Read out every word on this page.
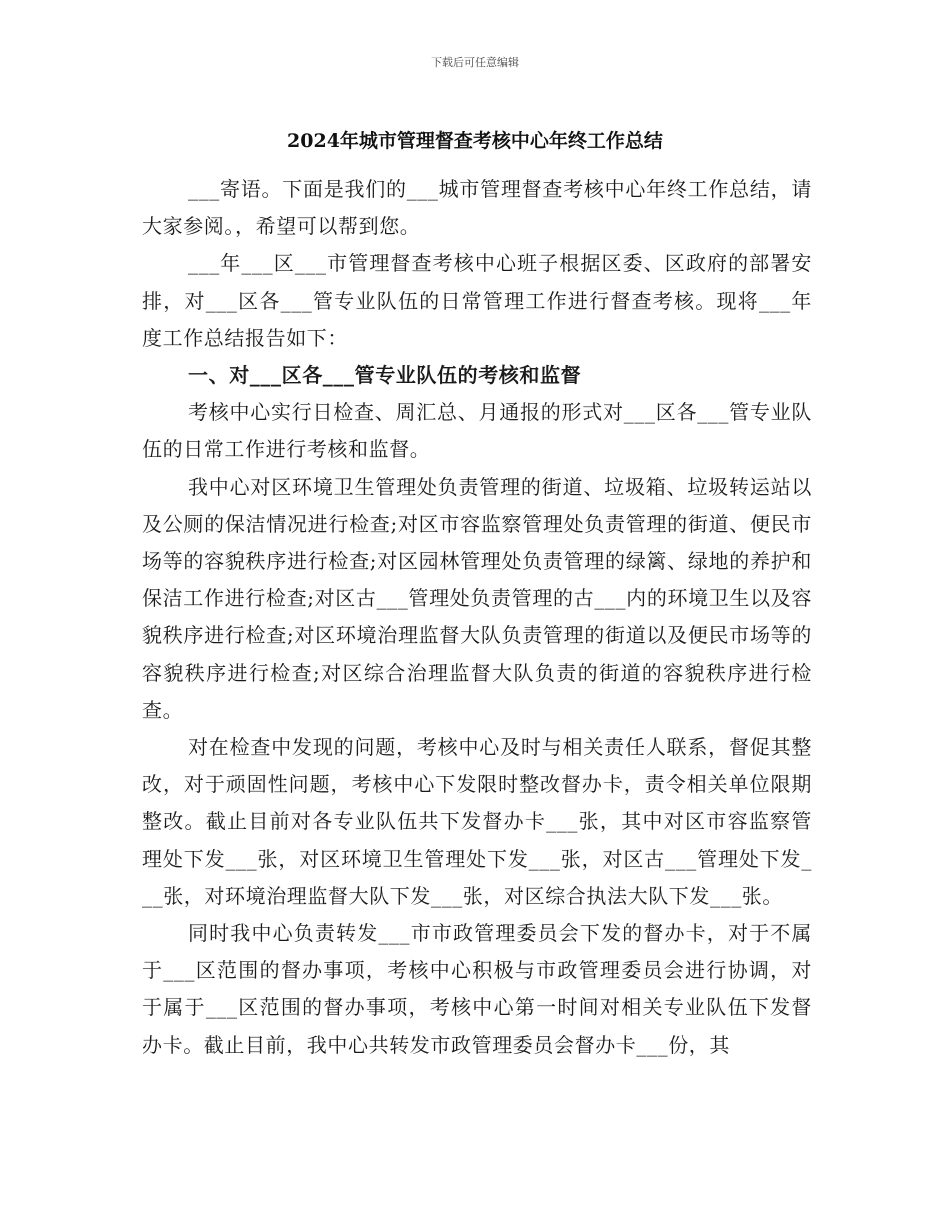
下载后可任意编辑
2024年城市管理督查考核中心年终工作总结

___寄语。下面是我们的___城市管理督查考核中心年终工作总结，请大家参阅。，希望可以帮到您。

___年___区___市管理督查考核中心班子根据区委、区政府的部署安排，对___区各___管专业队伍的日常管理工作进行督查考核。现将___年度工作总结报告如下：

一、对___区各___管专业队伍的考核和监督

考核中心实行日检查、周汇总、月通报的形式对___区各___管专业队伍的日常工作进行考核和监督。

我中心对区环境卫生管理处负责管理的街道、垃圾箱、垃圾转运站以及公厕的保洁情况进行检查;对区市容监察管理处负责管理的街道、便民市场等的容貌秩序进行检查;对区园林管理处负责管理的绿篱、绿地的养护和保洁工作进行检查;对区古___管理处负责管理的古___内的环境卫生以及容貌秩序进行检查;对区环境治理监督大队负责管理的街道以及便民市场等的容貌秩序进行检查;对区综合治理监督大队负责的街道的容貌秩序进行检查。

对在检查中发现的问题，考核中心及时与相关责任人联系，督促其整改，对于顽固性问题，考核中心下发限时整改督办卡，责令相关单位限期整改。截止目前对各专业队伍共下发督办卡___张，其中对区市容监察管理处下发___张，对区环境卫生管理处下发___张，对区古___管理处下发___张，对环境治理监督大队下发___张，对区综合执法大队下发___张。

同时我中心负责转发___市市政管理委员会下发的督办卡，对于不属于___区范围的督办事项，考核中心积极与市政管理委员会进行协调，对于属于___区范围的督办事项，考核中心第一时间对相关专业队伍下发督办卡。截止目前，我中心共转发市政管理委员会督办卡___份，其
